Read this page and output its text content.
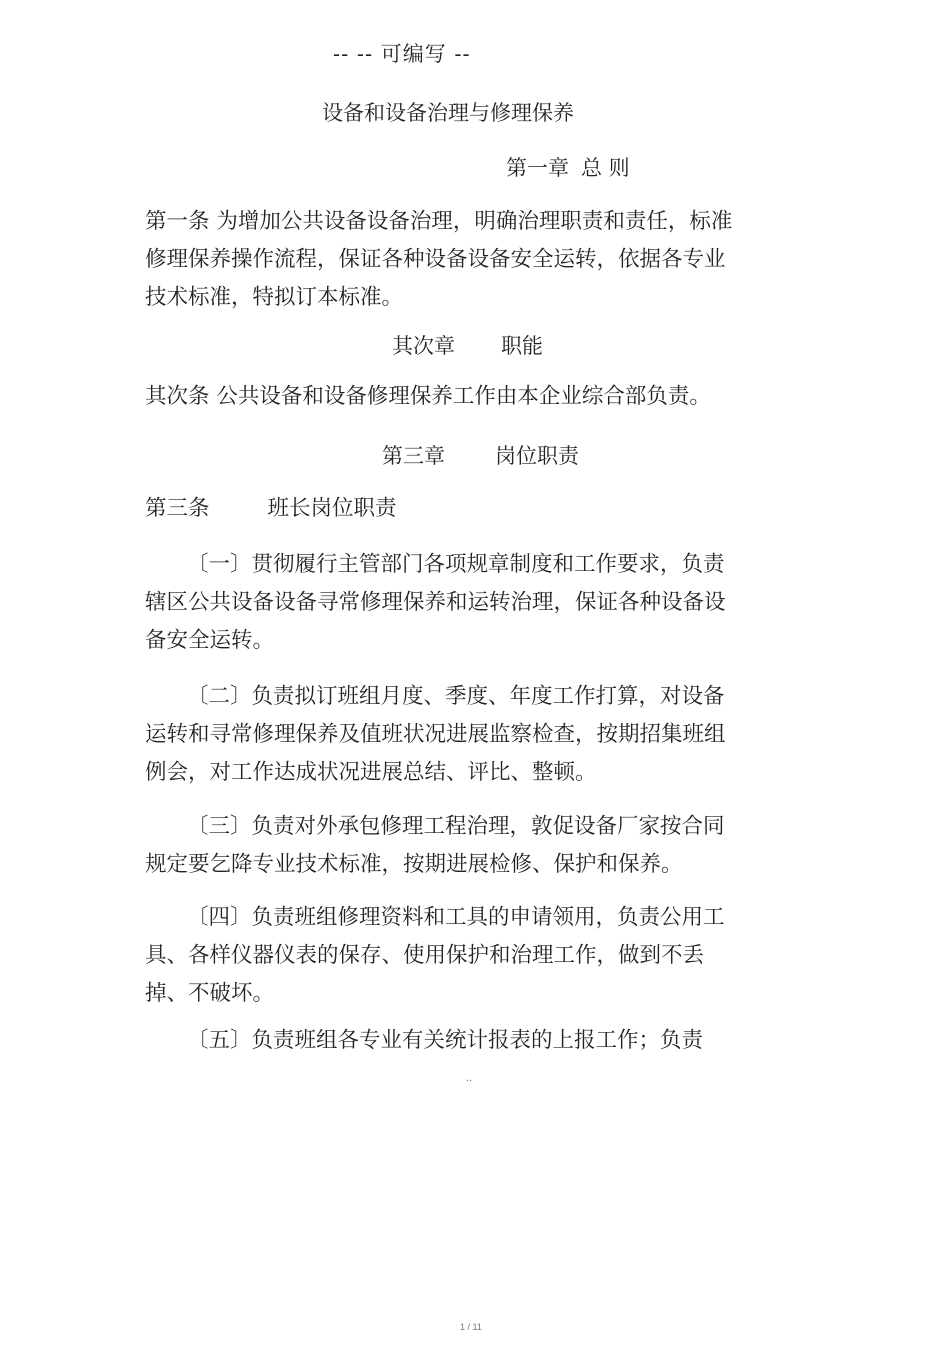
-- -- 可编写 --
设备和设备治理与修理保养
第一章 总 则
第一条 为增加公共设备设备治理，明确治理职责和责任，标准修理保养操作流程，保证各种设备设备安全运转，依据各专业技术标准，特拟订本标准。
其次章 职能
其次条 公共设备和设备修理保养工作由本企业综合部负责。
第三章 岗位职责
第三条	班长岗位职责
〔一〕贯彻履行主管部门各项规章制度和工作要求，负责辖区公共设备设备寻常修理保养和运转治理，保证各种设备设备安全运转。
〔二〕负责拟订班组月度、季度、年度工作打算，对设备运转和寻常修理保养及值班状况进展监察检查，按期招集班组例会，对工作达成状况进展总结、评比、整顿。
〔三〕负责对外承包修理工程治理，敦促设备厂家按合同规定要乞降专业技术标准，按期进展检修、保护和保养。
〔四〕负责班组修理资料和工具的申请领用，负责公用工具、各样仪器仪表的保存、使用保护和治理工作，做到不丢掉、不破坏。
〔五〕负责班组各专业有关统计报表的上报工作；负责
..
1 / 11
